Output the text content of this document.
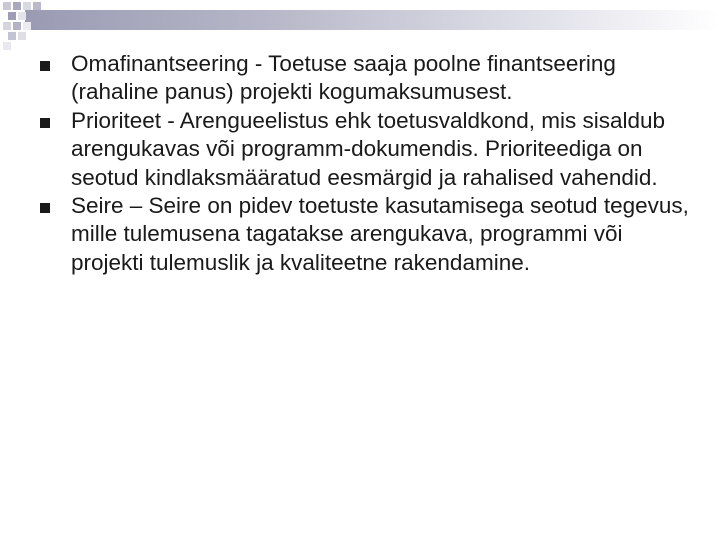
Omafinantseering - Toetuse saaja poolne finantseering (rahaline panus) projekti kogumaksumusest.
Prioriteet - Arengueelistus ehk toetusvaldkond, mis sisaldub arengukavas või programm-dokumendis. Prioriteediga on seotud kindlaksmääratud eesmärgid ja rahalised vahendid.
Seire – Seire on pidev toetuste kasutamisega seotud tegevus, mille tulemusena tagatakse arengukava, programmi või projekti tulemuslik ja kvaliteetne rakendamine.
